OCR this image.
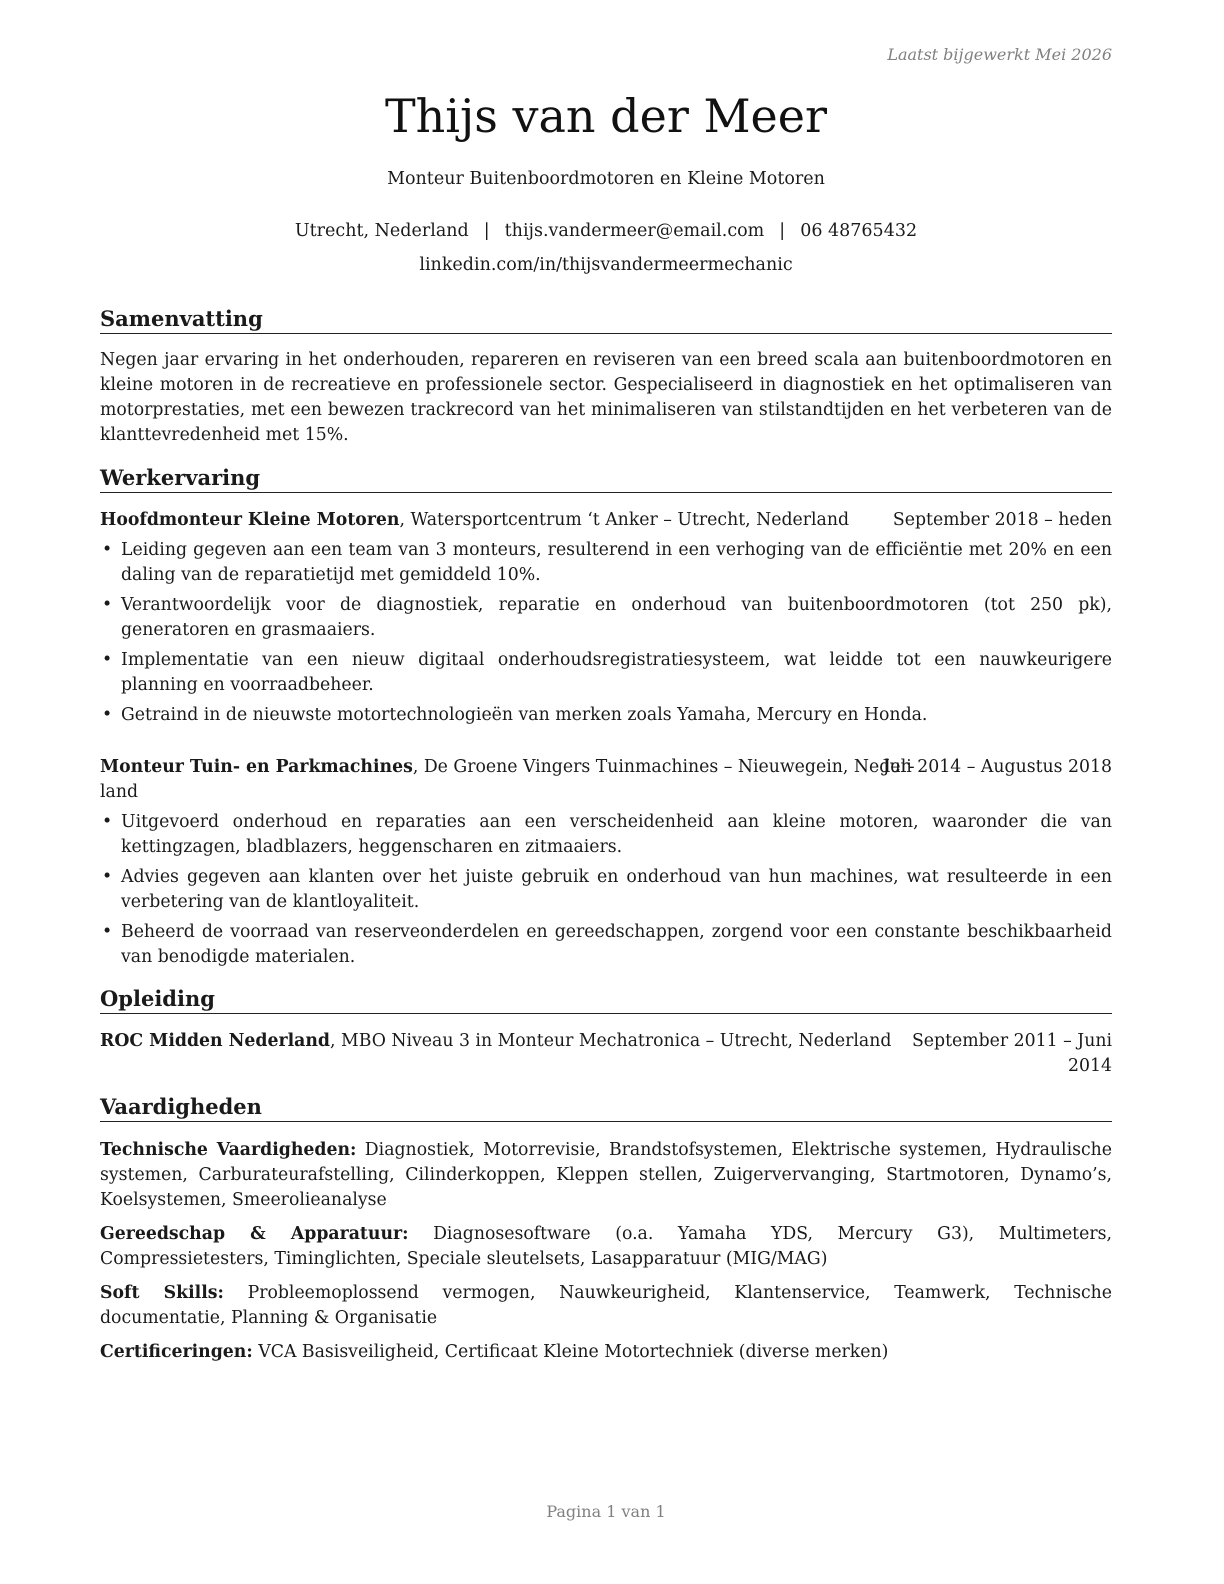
Laatst bijgewerkt Mei 2026
Thijs van der Meer
Monteur Buitenboordmotoren en Kleine Motoren
Utrecht, Nederland | thijs.vandermeer@email.com | 06 48765432
linkedin.com/in/thijsvandermeermechanic
Samenvatting
Negen jaar ervaring in het onderhouden, repareren en reviseren van een breed scala aan buitenboordmotoren en kleine motoren in de recreatieve en professionele sector. Gespecialiseerd in diagnostiek en het optimaliseren van motorprestaties, met een bewezen trackrecord van het minimaliseren van stilstandtijden en het verbeteren van de klanttevredenheid met 15%.
Werkervaring
Hoofdmonteur Kleine Motoren, Watersportcentrum ‘t Anker – Utrecht, Nederland	September 2018 – heden
• Leiding gegeven aan een team van 3 monteurs, resulterend in een verhoging van de efficiëntie met 20% en een daling van de reparatietijd met gemiddeld 10%.
• Verantwoordelijk voor de diagnostiek, reparatie en onderhoud van buitenboordmotoren (tot 250 pk), generatoren en grasmaaiers.
• Implementatie van een nieuw digitaal onderhoudsregistratiesysteem, wat leidde tot een nauwkeurigere planning en voorraadbeheer.
• Getraind in de nieuwste motortechnologieën van merken zoals Yamaha, Mercury en Honda.
Monteur Tuin- en Parkmachines, De Groene Vingers Tuinmachines – Nieuwegein, Neder-
land
Juli 2014 – Augustus 2018
• Uitgevoerd onderhoud en reparaties aan een verscheidenheid aan kleine motoren, waaronder die van kettingzagen, bladblazers, heggenscharen en zitmaaiers.
• Advies gegeven aan klanten over het juiste gebruik en onderhoud van hun machines, wat resulteerde in een verbetering van de klantloyaliteit.
• Beheerd de voorraad van reserveonderdelen en gereedschappen, zorgend voor een constante beschikbaarheid van benodigde materialen.
Opleiding
ROC Midden Nederland, MBO Niveau 3 in Monteur Mechatronica – Utrecht, Nederland September 2011 – Juni
2014
Vaardigheden
Technische Vaardigheden: Diagnostiek, Motorrevisie, Brandstofsystemen, Elektrische systemen, Hydraulische systemen, Carburateurafstelling, Cilinderkoppen, Kleppen stellen, Zuigervervanging, Startmotoren, Dynamo’s, Koelsystemen, Smeerolieanalyse
Gereedschap & Apparatuur: Diagnosesoftware (o.a. Yamaha YDS, Mercury G3), Multimeters, Compressietesters, Timinglichten, Speciale sleutelsets, Lasapparatuur (MIG/MAG)
Soft Skills: Probleemoplossend vermogen, Nauwkeurigheid, Klantenservice, Teamwerk, Technische documentatie, Planning & Organisatie
Certificeringen: VCA Basisveiligheid, Certificaat Kleine Motortechniek (diverse merken)
Pagina 1 van 1
